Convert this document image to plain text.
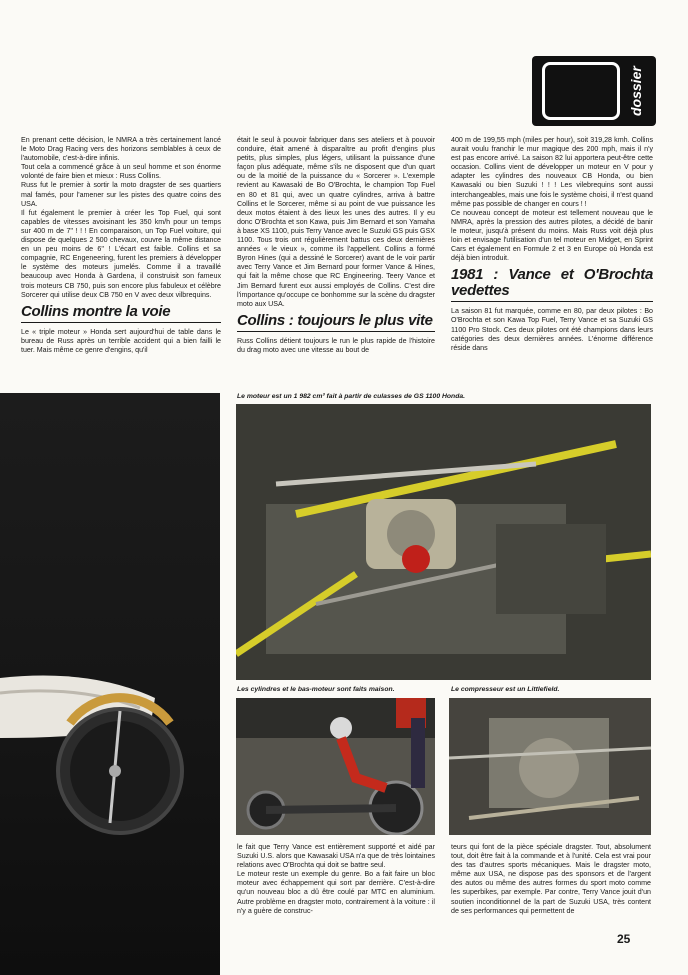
dossier

En prenant cette décision, le NMRA a très certainement lancé le Moto Drag Racing vers des horizons semblables à ceux de l'automobile, c'est-à-dire infinis.

Tout cela a commencé grâce à un seul homme et son énorme volonté de faire bien et mieux : Russ Collins.

Russ fut le premier à sortir la moto dragster de ses quartiers mal famés, pour l'amener sur les pistes des quatre coins des USA.

Il fut également le premier à créer les Top Fuel, qui sont capables de vitesses avoisinant les 350 km/h pour un temps sur 400 m de 7'' ! ! ! En comparaison, un Top Fuel voiture, qui dispose de quelques 2 500 chevaux, couvre la même distance en un peu moins de 6'' ! L'écart est faible. Collins et sa compagnie, RC Engeneering, furent les premiers à développer le système des moteurs jumelés. Comme il a travaillé beaucoup avec Honda à Gardena, il construisit son fameux trois moteurs CB 750, puis son encore plus fabuleux et célèbre Sorcerer qui utilise deux CB 750 en V avec deux vilbrequins.

Collins montre la voie

Le « triple moteur » Honda sert aujourd'hui de table dans le bureau de Russ après un terrible accident qui a bien failli le tuer. Mais même ce genre d'engins, qu'il

était le seul à pouvoir fabriquer dans ses ateliers et à pouvoir conduire, était amené à disparaître au profit d'engins plus petits, plus simples, plus légers, utilisant la puissance d'une façon plus adéquate, même s'ils ne disposent que d'un quart ou de la moitié de la puissance du « Sorcerer ». L'exemple revient au Kawasaki de Bo O'Brochta, le champion Top Fuel en 80 et 81 qui, avec un quatre cylindres, arriva à battre Collins et le Sorcerer, même si au point de vue puissance les deux motos étaient à des lieux les unes des autres. Il y eu donc O'Brochta et son Kawa, puis Jim Bernard et son Yamaha à base XS 1100, puis Terry Vance avec le Suzuki GS puis GSX 1100. Tous trois ont régulièrement battus ces deux dernières années « le vieux », comme ils l'appellent. Collins a formé Byron Hines (qui a dessiné le Sorcerer) avant de le voir partir avec Terry Vance et Jim Bernard pour former Vance & Hines, qui fait la même chose que RC Engineering. Teery Vance et Jim Bernard furent eux aussi employés de Collins. C'est dire l'importance qu'occupe ce bonhomme sur la scène du dragster moto aux USA.

Collins : toujours le plus vite

Russ Collins détient toujours le run le plus rapide de l'histoire du drag moto avec une vitesse au bout de

400 m de 199,55 mph (miles per hour), soit 319,28 kmh. Collins aurait voulu franchir le mur magique des 200 mph, mais il n'y est pas encore arrivé. La saison 82 lui apportera peut-être cette occasion. Collins vient de développer un moteur en V pour y adapter les cylindres des nouveaux CB Honda, ou bien Kawasaki ou bien Suzuki ! ! ! Les vilebrequins sont aussi interchangeables, mais une fois le système choisi, il n'est quand même pas possible de changer en cours ! !

Ce nouveau concept de moteur est tellement nouveau que le NMRA, après la pression des autres pilotes, a décidé de banir le moteur, jusqu'à présent du moins. Mais Russ voit déjà plus loin et envisage l'utilisation d'un tel moteur en Midget, en Sprint Cars et également en Formule 2 et 3 en Europe où Honda est déjà bien introduit.

1981 : Vance et O'Brochta vedettes

La saison 81 fut marquée, comme en 80, par deux pilotes : Bo O'Brochta et son Kawa Top Fuel, Terry Vance et sa Suzuki GS 1100 Pro Stock. Ces deux pilotes ont été champions dans leurs catégories des deux dernières années. L'énorme différence réside dans

Le moteur est un 1 982 cm³ fait à partir de culasses de GS 1100 Honda.
Les cylindres et le bas-moteur sont faits maison.	Le compresseur est un Littlefield.

le fait que Terry Vance est entièrement supporté et aidé par Suzuki U.S. alors que Kawasaki USA n'a que de très lointaines relations avec O'Brochta qui doit se battre seul.

Le moteur reste un exemple du genre. Bo a fait faire un bloc moteur avec échappement qui sort par derrière. C'est-à-dire qu'un nouveau bloc a dû être coulé par MTC en aluminium. Autre problème en dragster moto, contrairement à la voiture : il n'y a guère de construc-

teurs qui font de la pièce spéciale dragster. Tout, absolument tout, doit être fait à la commande et à l'unité. Cela est vrai pour des tas d'autres sports mécaniques. Mais le dragster moto, même aux USA, ne dispose pas des sponsors et de l'argent des autos ou même des autres formes du sport moto comme les superbikes, par exemple. Par contre, Terry Vance jouit d'un soutien inconditionnel de la part de Suzuki USA, très content de ses performances qui permettent de

25
